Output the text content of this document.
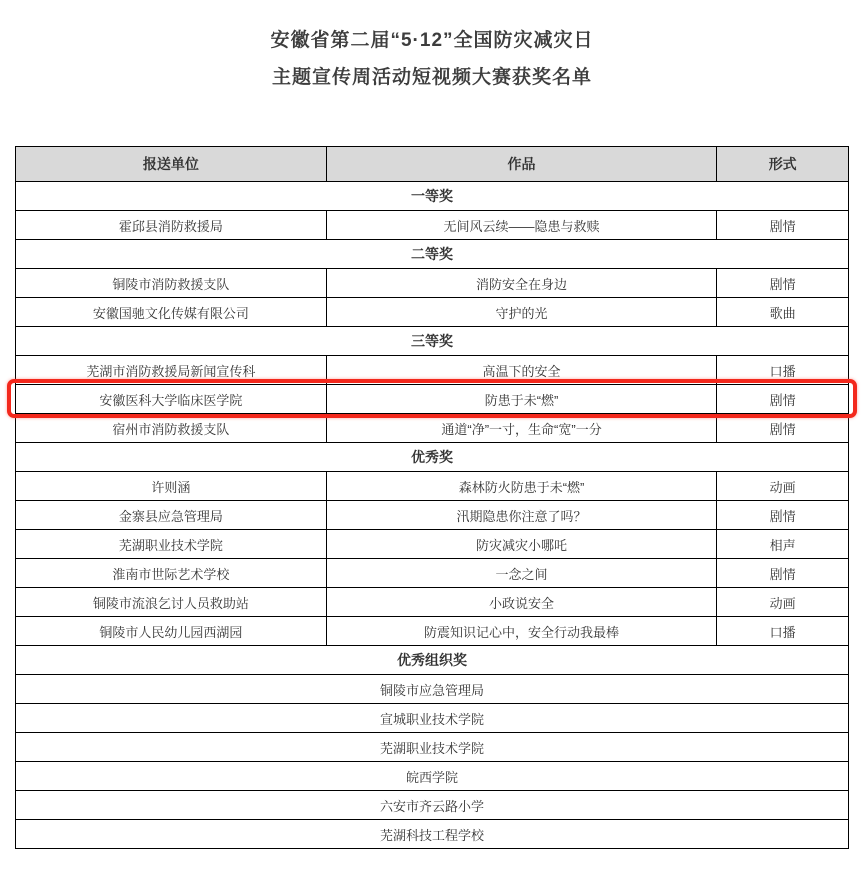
安徽省第二届“5·12”全国防灾减灾日
主题宣传周活动短视频大赛获奖名单
报送单位	作品	形式
一等奖		
霍邱县消防救援局	无间风云续——隐患与救赎	剧情
二等奖		
铜陵市消防救援支队	消防安全在身边	剧情
安徽国驰文化传媒有限公司	守护的光	歌曲
三等奖		
芜湖市消防救援局新闻宣传科	高温下的安全	口播
安徽医科大学临床医学院	防患于未“燃”	剧情
宿州市消防救援支队	通道“净”一寸，生命“宽”一分	剧情
优秀奖		
许则涵	森林防火防患于未“燃”	动画
金寨县应急管理局	汛期隐患你注意了吗？	剧情
芜湖职业技术学院	防灾减灾小哪吒	相声
淮南市世际艺术学校	一念之间	剧情
铜陵市流浪乞讨人员救助站	小政说安全	动画
铜陵市人民幼儿园西湖园	防震知识记心中，安全行动我最棒	口播
优秀组织奖		
铜陵市应急管理局		
宣城职业技术学院		
芜湖职业技术学院		
皖西学院		
六安市齐云路小学		
芜湖科技工程学校		
